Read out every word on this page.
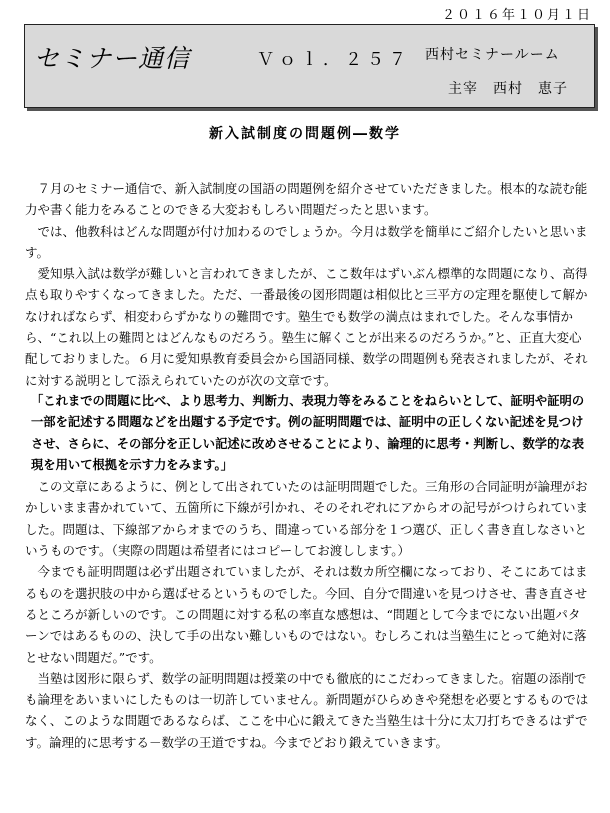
２０１６年１０月１日
セミナー通信	Ｖｏｌ．２５７ 西村セミナールーム
主宰　西村　恵子
新入試制度の問題例―数学

７月のセミナー通信で、新入試制度の国語の問題例を紹介させていただきました。根本的な読む能力や書く能力をみることのできる大変おもしろい問題だったと思います。

では、他教科はどんな問題が付け加わるのでしょうか。今月は数学を簡単にご紹介したいと思います。

愛知県入試は数学が難しいと言われてきましたが、ここ数年はずいぶん標準的な問題になり、高得点も取りやすくなってきました。ただ、一番最後の図形問題は相似比と三平方の定理を駆使して解かなければならず、相変わらずかなりの難問です。塾生でも数学の満点はまれでした。そんな事情から、“これ以上の難問とはどんなものだろう。塾生に解くことが出来るのだろうか。”と、正直大変心配しておりました。６月に愛知県教育委員会から国語同様、数学の問題例も発表されましたが、それに対する説明として添えられていたのが次の文章です。

「これまでの問題に比べ、より思考力、判断力、表現力等をみることをねらいとして、証明や証明の一部を記述する問題などを出題する予定です。例の証明問題では、証明中の正しくない記述を見つけさせ、さらに、その部分を正しい記述に改めさせることにより、論理的に思考・判断し、数学的な表現を用いて根拠を示す力をみます。」

この文章にあるように、例として出されていたのは証明問題でした。三角形の合同証明が論理がおかしいまま書かれていて、五箇所に下線が引かれ、そのそれぞれにアからオの記号がつけられていました。問題は、下線部アからオまでのうち、間違っている部分を１つ選び、正しく書き直しなさいというものです。（実際の問題は希望者にはコピーしてお渡しします。）

今までも証明問題は必ず出題されていましたが、それは数カ所空欄になっており、そこにあてはまるものを選択肢の中から選ばせるというものでした。今回、自分で間違いを見つけさせ、書き直させるところが新しいのです。この問題に対する私の率直な感想は、“問題として今までにない出題パターンではあるものの、決して手の出ない難しいものではない。むしろこれは当塾生にとって絶対に落とせない問題だ。”です。

当塾は図形に限らず、数学の証明問題は授業の中でも徹底的にこだわってきました。宿題の添削でも論理をあいまいにしたものは一切許していません。新問題がひらめきや発想を必要とするものではなく、このような問題であるならば、ここを中心に鍛えてきた当塾生は十分に太刀打ちできるはずです。論理的に思考する－数学の王道ですね。今までどおり鍛えていきます。
